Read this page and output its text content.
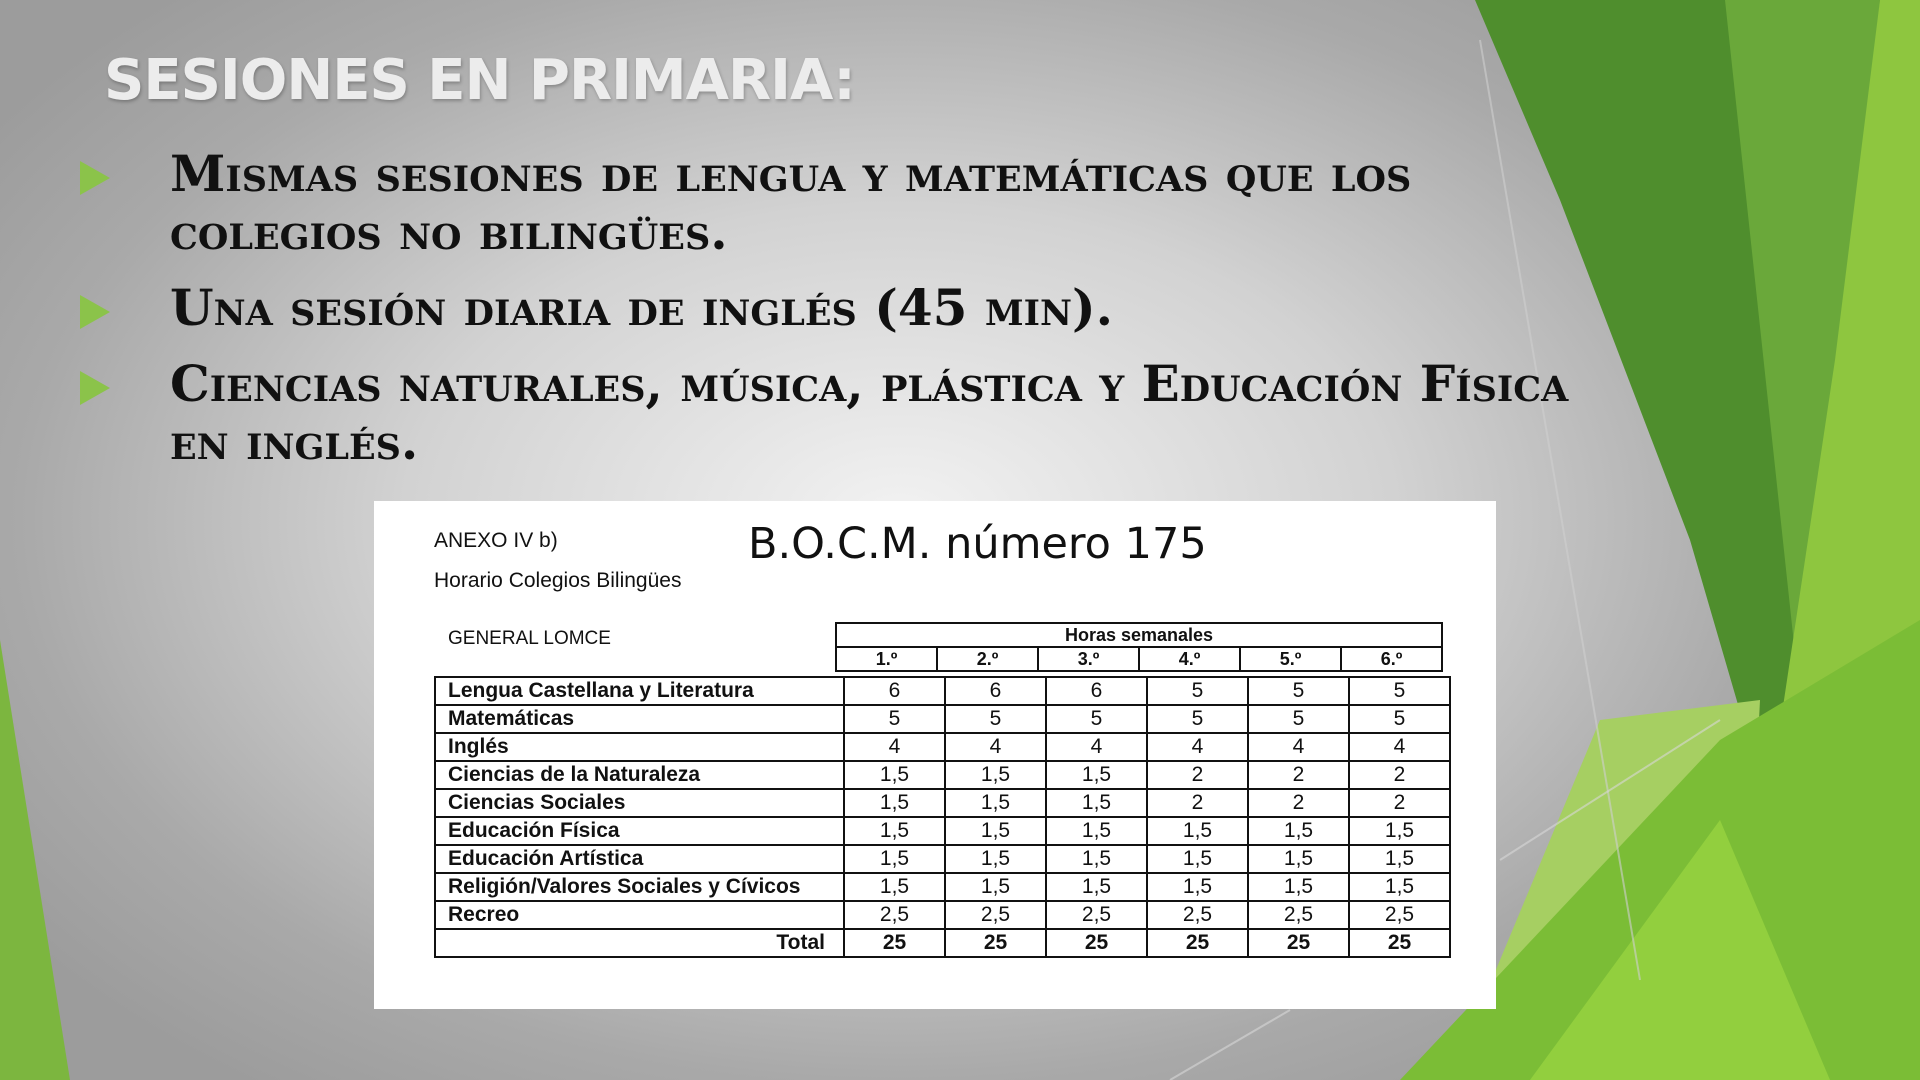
SESIONES EN PRIMARIA:
Mismas sesiones de lengua y matemáticas que los colegios no bilingües.
Una sesión diaria de inglés (45 min).
Ciencias naturales, música, plástica y Educación Física en inglés.
ANEXO IV b)
Horario Colegios Bilingües
B.O.C.M. número 175
GENERAL LOMCE	Horas semanales
1.º	2.º	3.º	4.º	5.º	6.º
Lengua Castellana y Literatura	6	6	6	5	5	5
Matemáticas	5	5	5	5	5	5
Inglés	4	4	4	4	4	4
Ciencias de la Naturaleza	1,5	1,5	1,5	2	2	2
Ciencias Sociales	1,5	1,5	1,5	2	2	2
Educación Física	1,5	1,5	1,5	1,5	1,5	1,5
Educación Artística	1,5	1,5	1,5	1,5	1,5	1,5
Religión/Valores Sociales y Cívicos	1,5	1,5	1,5	1,5	1,5	1,5
Recreo	2,5	2,5	2,5	2,5	2,5	2,5
Total	25	25	25	25	25	25
